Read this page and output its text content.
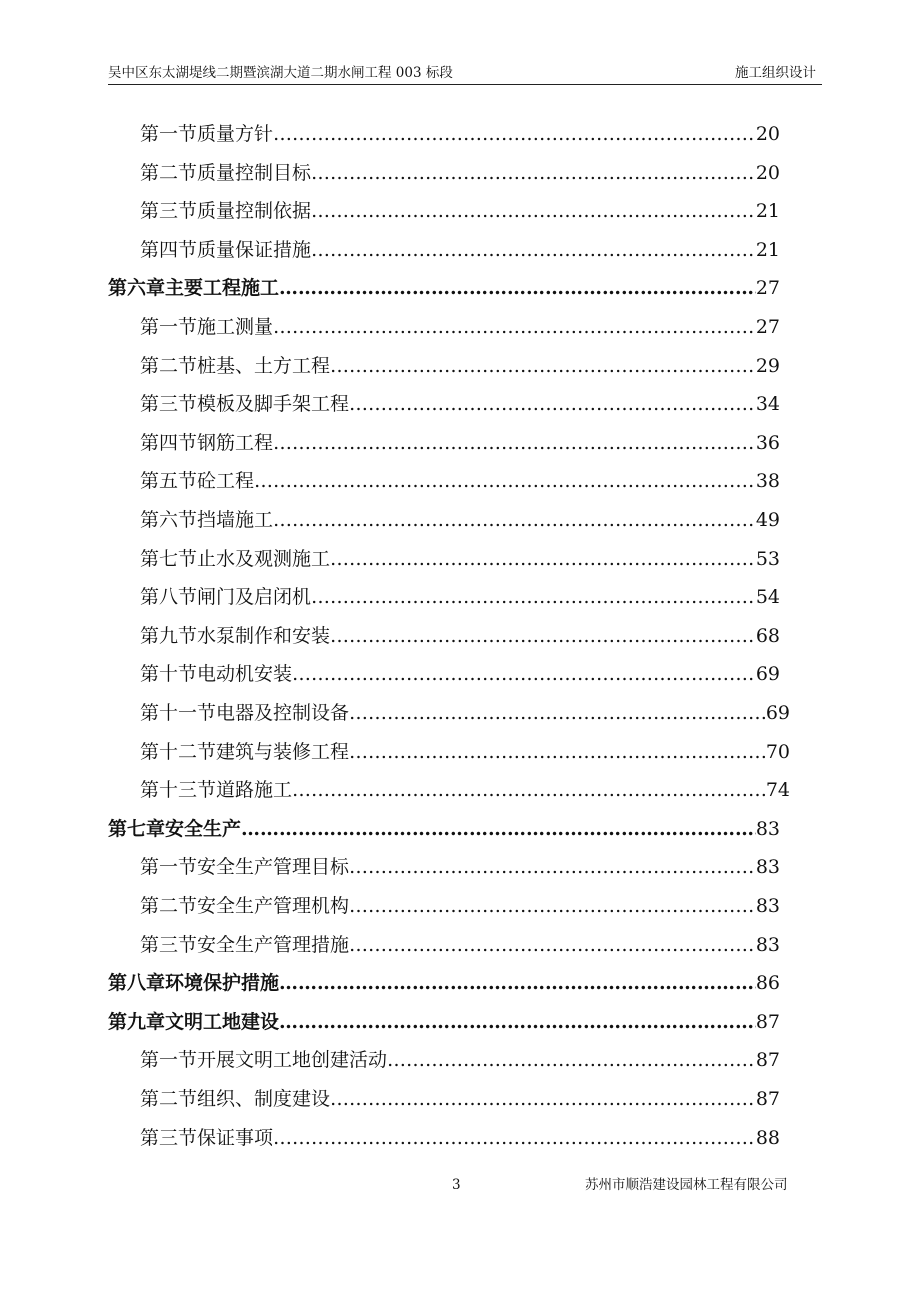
吴中区东太湖堤线二期暨滨湖大道二期水闸工程 003 标段	施工组织设计
第一节 质量方针 …………………………………………………………………………………………………………………………………………	20
第二节 质量控制目标 …………………………………………………………………………………………………………………………………………	20
第三节 质量控制依据 …………………………………………………………………………………………………………………………………………	21
第四节 质量保证措施 …………………………………………………………………………………………………………………………………………	21
第六章 主要工程施工 …………………………………………………………………………………………………………………………………………	27
第一节 施工测量 …………………………………………………………………………………………………………………………………………	27
第二节 桩基、土方工程 …………………………………………………………………………………………………………………………………………	29
第三节 模板及脚手架工程 …………………………………………………………………………………………………………………………………………	34
第四节 钢筋工程 …………………………………………………………………………………………………………………………………………	36
第五节 砼工程 …………………………………………………………………………………………………………………………………………	38
第六节 挡墙施工 …………………………………………………………………………………………………………………………………………	49
第七节 止水及观测施工 …………………………………………………………………………………………………………………………………………	53
第八节 闸门及启闭机 …………………………………………………………………………………………………………………………………………	54
第九节 水泵制作和安装 …………………………………………………………………………………………………………………………………………	68
第十节 电动机安装 …………………………………………………………………………………………………………………………………………	69
第十一节 电器及控制设备 …………………………………………………………………………………………………………………………………………	69
第十二节 建筑与装修工程 …………………………………………………………………………………………………………………………………………	70
第十三节 道路施工 …………………………………………………………………………………………………………………………………………	74
第七章 安全生产 …………………………………………………………………………………………………………………………………………	83
第一节 安全生产管理目标 …………………………………………………………………………………………………………………………………………	83
第二节 安全生产管理机构 …………………………………………………………………………………………………………………………………………	83
第三节 安全生产管理措施 …………………………………………………………………………………………………………………………………………	83
第八章 环境保护措施 …………………………………………………………………………………………………………………………………………	86
第九章 文明工地建设 …………………………………………………………………………………………………………………………………………	87
第一节 开展文明工地创建活动 …………………………………………………………………………………………………………………………………………	87
第二节 组织、制度建设 …………………………………………………………………………………………………………………………………………	87
第三节 保证事项 …………………………………………………………………………………………………………………………………………	88
3	苏州市顺浩建设园林工程有限公司
